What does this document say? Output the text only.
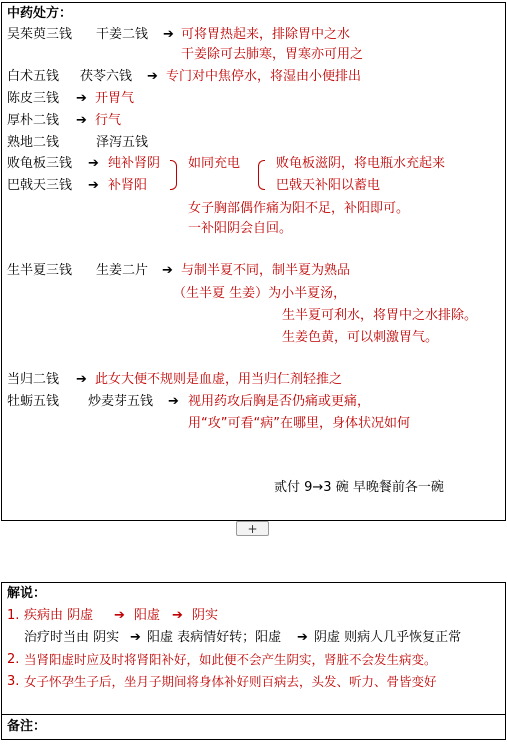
中药处方：
吴茱萸三钱 干姜二钱 ➔ 可将胃热起来，排除胃中之水
干姜除可去肺寒，胃寒亦可用之
白术五钱 茯苓六钱 ➔ 专门对中焦停水，将湿由小便排出
陈皮三钱 ➔ 开胃气
厚朴二钱 ➔ 行气
熟地二钱	泽泻五钱
败龟板三钱 ➔ 纯补肾阴
巴戟天三钱 ➔ 补肾阳
如同充电	败龟板滋阴，将电瓶水充起来
巴戟天补阳以蓄电
女子胸部偶作痛为阳不足，补阳即可。
一补阳阴会自回。
生半夏三钱 生姜二片 ➔ 与制半夏不同，制半夏为熟品
（生半夏 生姜）为小半夏汤，
生半夏可利水，将胃中之水排除。
生姜色黄，可以刺激胃气。
当归二钱 ➔ 此女大便不规则是血虚，用当归仁剂轻推之
牡蛎五钱 炒麦芽五钱 ➔ 视用药攻后胸是否仍痛或更痛，
用“攻”可看“病”在哪里，身体状况如何
贰付 9→3 碗 早晚餐前各一碗
+
解说：
1. 疾病由 阴虚 ➔ 阳虚 ➔ 阴实
治疗时当由 阴实 ➔ 阳虚 表病情好转；阳虚 ➔ 阴虚 则病人几乎恢复正常
2. 当肾阳虚时应及时将肾阳补好，如此便不会产生阴实，肾脏不会发生病变。
3. 女子怀孕生子后，坐月子期间将身体补好则百病去，头发、听力、骨皆变好
备注：
